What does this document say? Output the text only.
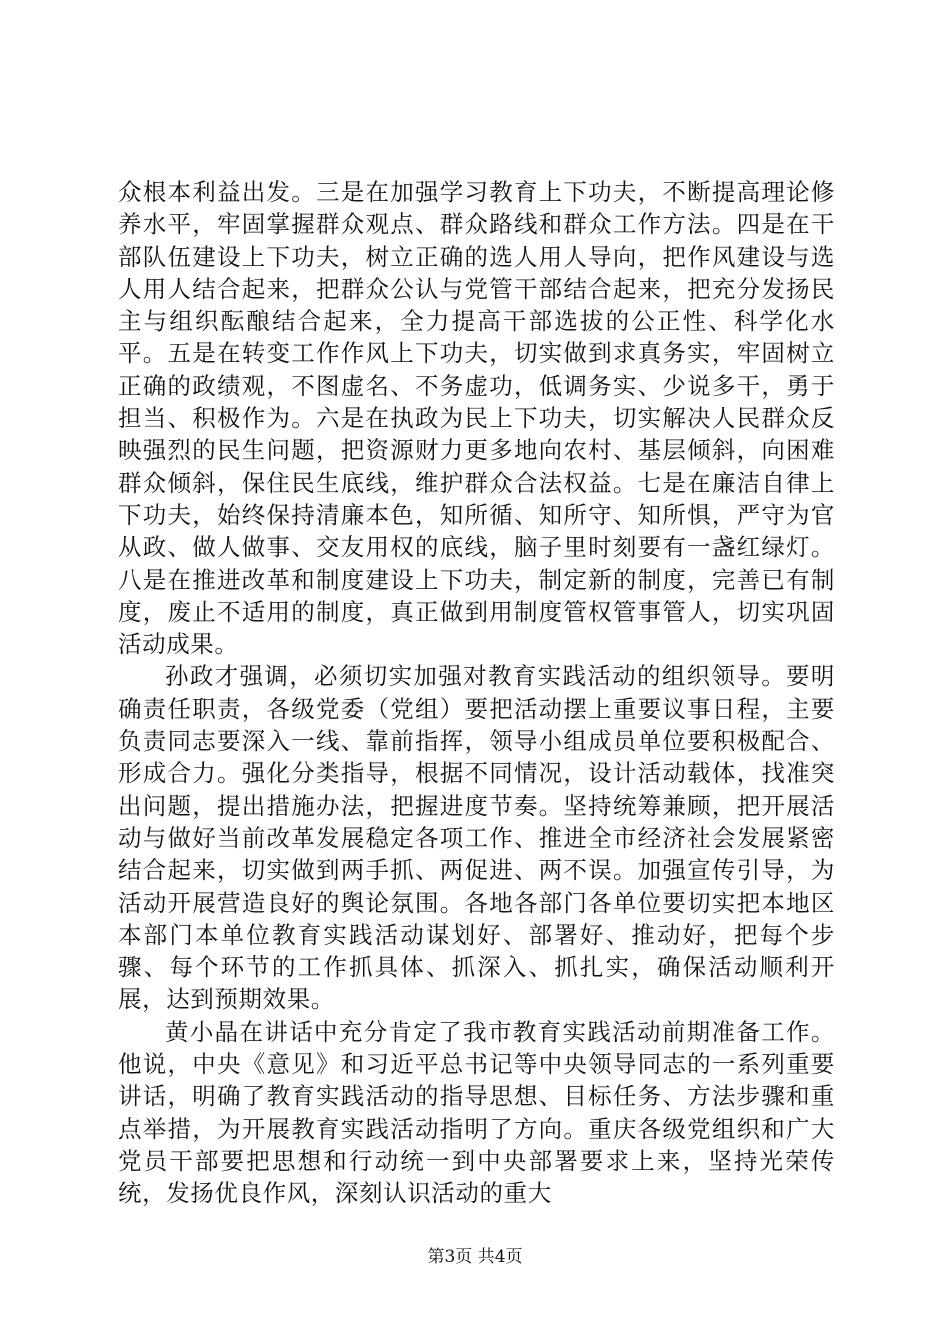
众根本利益出发。三是在加强学习教育上下功夫，不断提高理论修养水平，牢固掌握群众观点、群众路线和群众工作方法。四是在干部队伍建设上下功夫，树立正确的选人用人导向，把作风建设与选人用人结合起来，把群众公认与党管干部结合起来，把充分发扬民主与组织酝酿结合起来，全力提高干部选拔的公正性、科学化水平。五是在转变工作作风上下功夫，切实做到求真务实，牢固树立正确的政绩观，不图虚名、不务虚功，低调务实、少说多干，勇于担当、积极作为。六是在执政为民上下功夫，切实解决人民群众反映强烈的民生问题，把资源财力更多地向农村、基层倾斜，向困难群众倾斜，保住民生底线，维护群众合法权益。七是在廉洁自律上下功夫，始终保持清廉本色，知所循、知所守、知所惧，严守为官从政、做人做事、交友用权的底线，脑子里时刻要有一盏红绿灯。八是在推进改革和制度建设上下功夫，制定新的制度，完善已有制度，废止不适用的制度，真正做到用制度管权管事管人，切实巩固活动成果。

孙政才强调，必须切实加强对教育实践活动的组织领导。要明确责任职责，各级党委（党组）要把活动摆上重要议事日程，主要负责同志要深入一线、靠前指挥，领导小组成员单位要积极配合、形成合力。强化分类指导，根据不同情况，设计活动载体，找准突出问题，提出措施办法，把握进度节奏。坚持统筹兼顾，把开展活动与做好当前改革发展稳定各项工作、推进全市经济社会发展紧密结合起来，切实做到两手抓、两促进、两不误。加强宣传引导，为活动开展营造良好的舆论氛围。各地各部门各单位要切实把本地区本部门本单位教育实践活动谋划好、部署好、推动好，把每个步骤、每个环节的工作抓具体、抓深入、抓扎实，确保活动顺利开展，达到预期效果。

黄小晶在讲话中充分肯定了我市教育实践活动前期准备工作。他说，中央《意见》和习近平总书记等中央领导同志的一系列重要讲话，明确了教育实践活动的指导思想、目标任务、方法步骤和重点举措，为开展教育实践活动指明了方向。重庆各级党组织和广大党员干部要把思想和行动统一到中央部署要求上来，坚持光荣传统，发扬优良作风，深刻认识活动的重大

第3页 共4页
